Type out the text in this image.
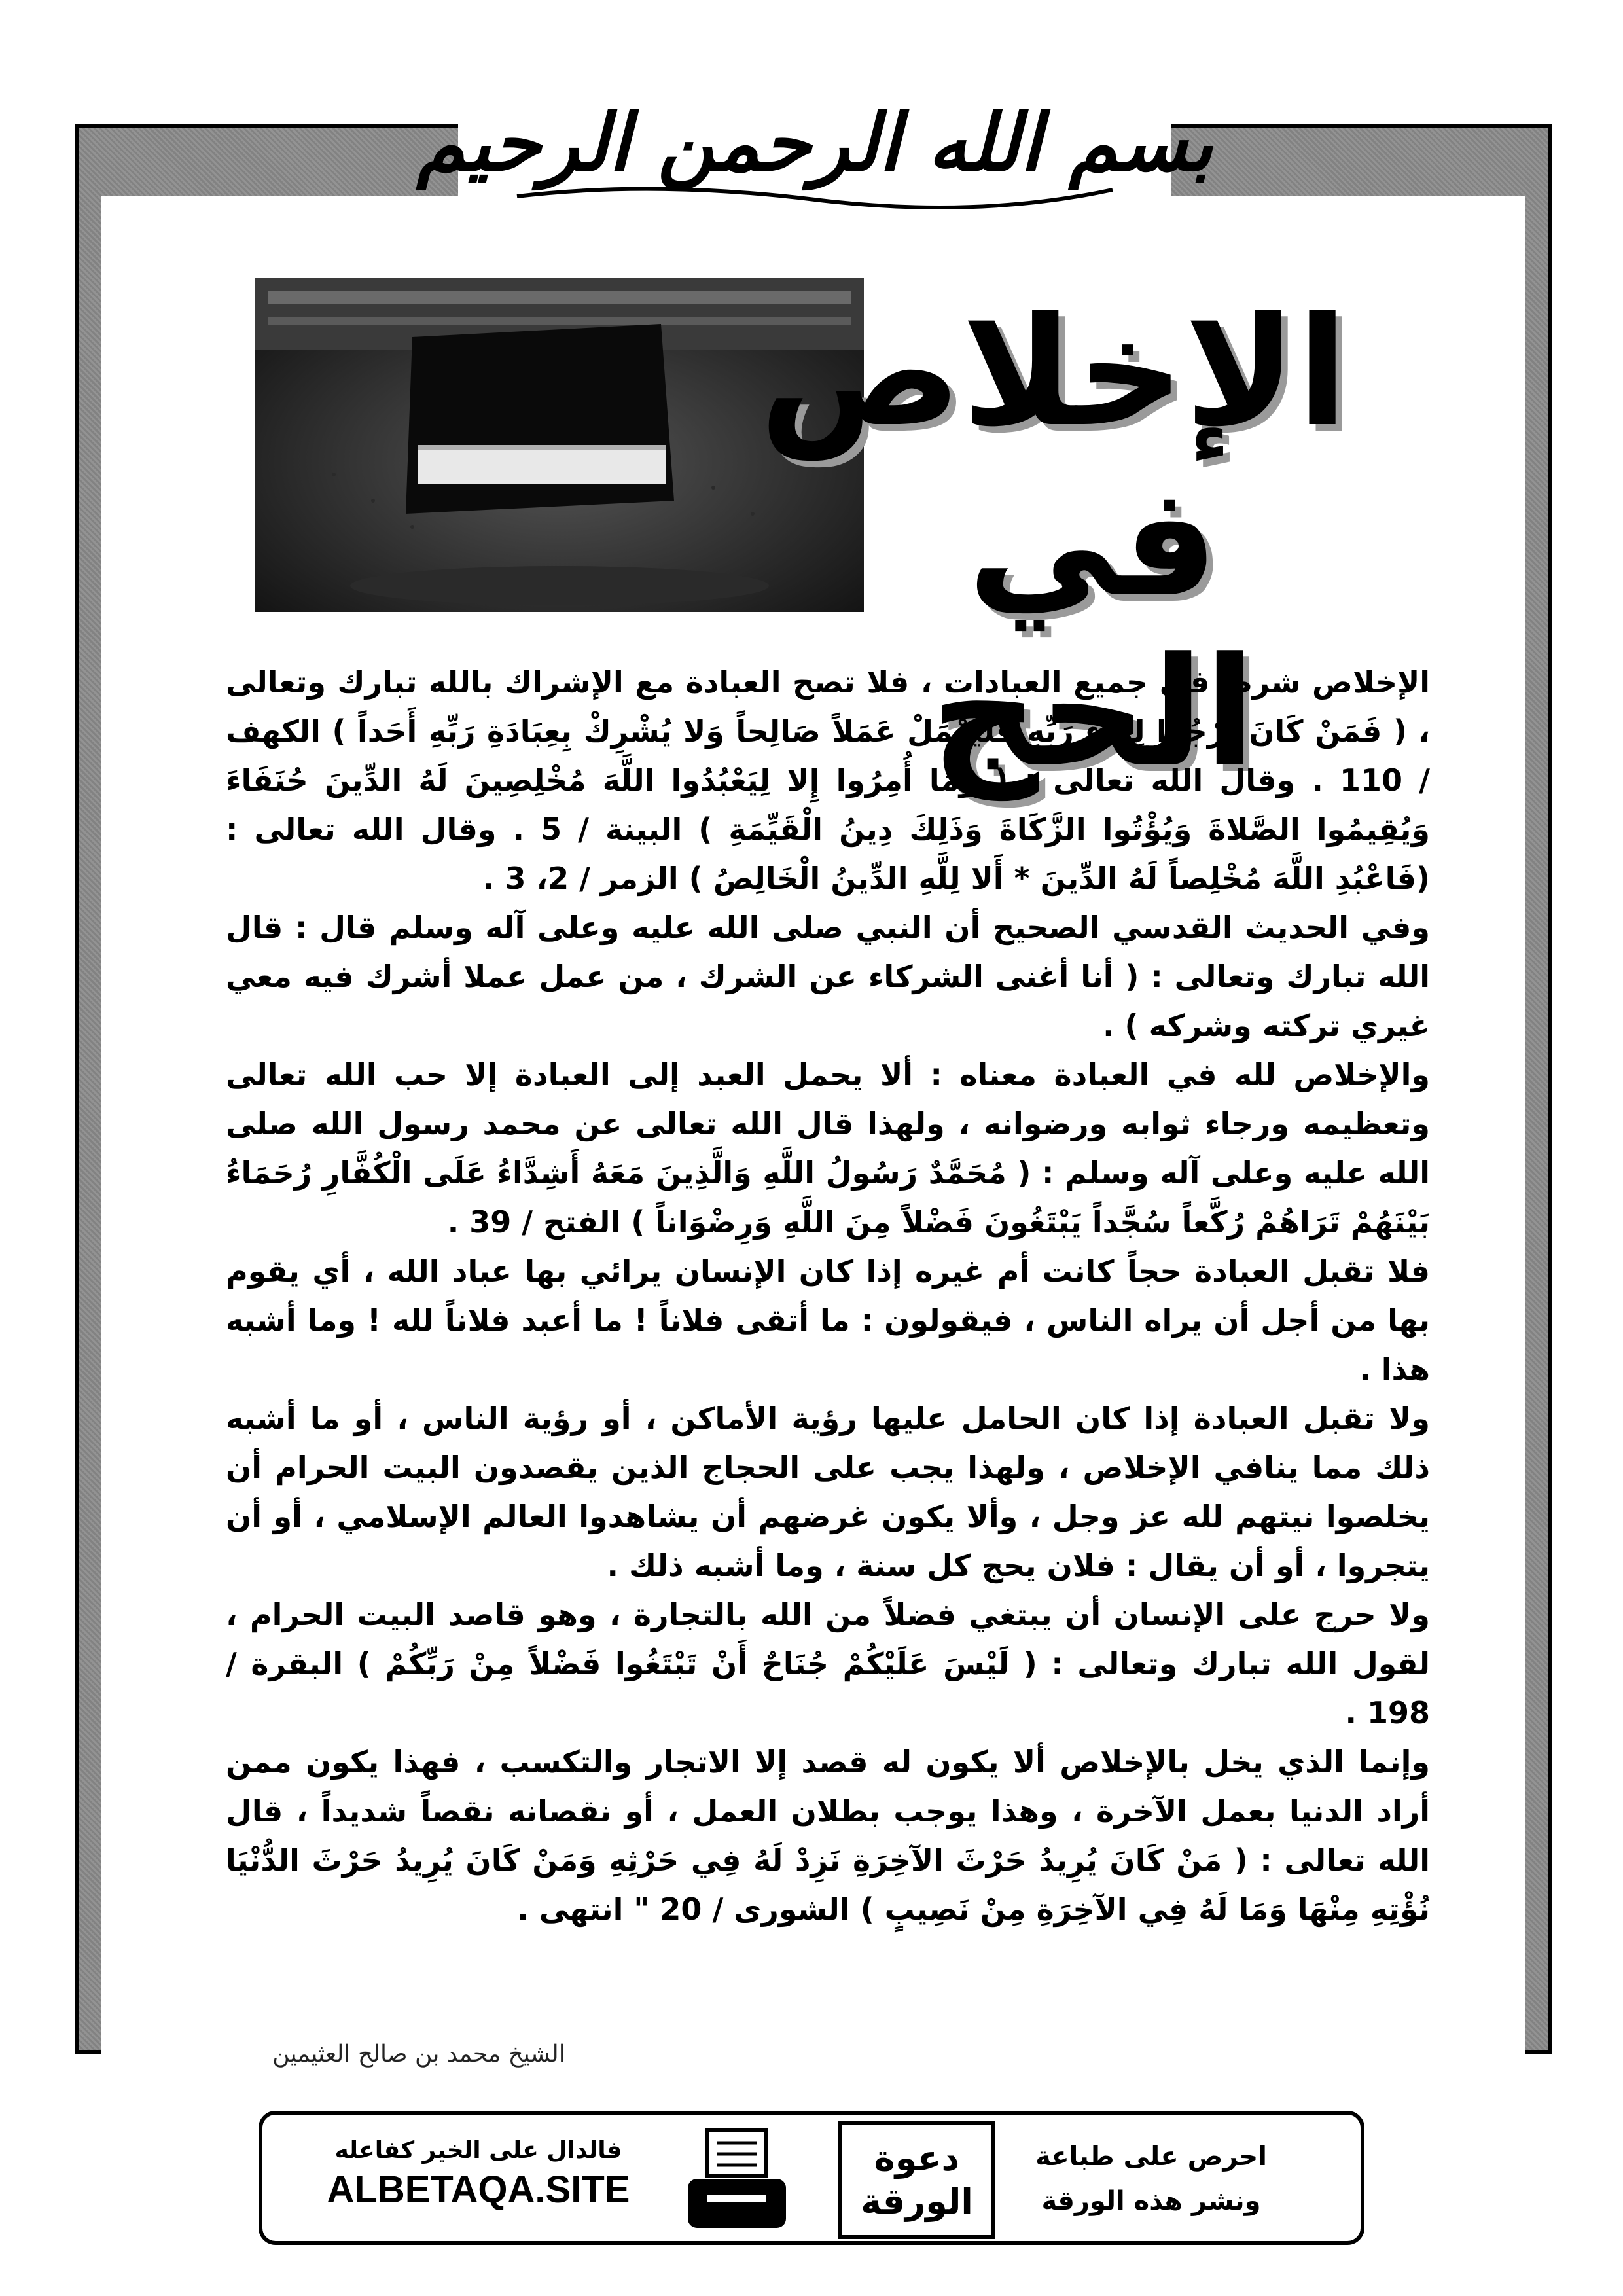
بسم الله الرحمن الرحيم
الإخلاص
في الحج

الإخلاص شرط في جميع العبادات ، فلا تصح العبادة مع الإشراك بالله تبارك وتعالى ، ( فَمَنْ كَانَ يَرْجُوا لِقَاءَ رَبِّهِ فَلْيَعْمَلْ عَمَلاً صَالِحاً وَلا يُشْرِكْ بِعِبَادَةِ رَبِّهِ أَحَداً ) الكهف / 110 . وقال الله تعالى : ( وَمَا أُمِرُوا إِلا لِيَعْبُدُوا اللَّهَ مُخْلِصِينَ لَهُ الدِّينَ حُنَفَاءَ وَيُقِيمُوا الصَّلاةَ وَيُؤْتُوا الزَّكَاةَ وَذَلِكَ دِينُ الْقَيِّمَةِ ) البينة / 5 . وقال الله تعالى : (فَاعْبُدِ اللَّهَ مُخْلِصاً لَهُ الدِّينَ * أَلا لِلَّهِ الدِّينُ الْخَالِصُ ) الزمر / 2، 3 .

وفي الحديث القدسي الصحيح أن النبي صلى الله عليه وعلى آله وسلم قال : قال الله تبارك وتعالى : ( أنا أغنى الشركاء عن الشرك ، من عمل عملا أشرك فيه معي غيري تركته وشركه ) .

والإخلاص لله في العبادة معناه : ألا يحمل العبد إلى العبادة إلا حب الله تعالى وتعظيمه ورجاء ثوابه ورضوانه ، ولهذا قال الله تعالى عن محمد رسول الله صلى الله عليه وعلى آله وسلم : ( مُحَمَّدٌ رَسُولُ اللَّهِ وَالَّذِينَ مَعَهُ أَشِدَّاءُ عَلَى الْكُفَّارِ رُحَمَاءُ بَيْنَهُمْ تَرَاهُمْ رُكَّعاً سُجَّداً يَبْتَغُونَ فَضْلاً مِنَ اللَّهِ وَرِضْوَاناً ) الفتح / 39 .

فلا تقبل العبادة حجاً كانت أم غيره إذا كان الإنسان يرائي بها عباد الله ، أي يقوم بها من أجل أن يراه الناس ، فيقولون : ما أتقى فلاناً ! ما أعبد فلاناً لله ! وما أشبه هذا .

ولا تقبل العبادة إذا كان الحامل عليها رؤية الأماكن ، أو رؤية الناس ، أو ما أشبه ذلك مما ينافي الإخلاص ، ولهذا يجب على الحجاج الذين يقصدون البيت الحرام أن يخلصوا نيتهم لله عز وجل ، وألا يكون غرضهم أن يشاهدوا العالم الإسلامي ، أو أن يتجروا ، أو أن يقال : فلان يحج كل سنة ، وما أشبه ذلك .

ولا حرج على الإنسان أن يبتغي فضلاً من الله بالتجارة ، وهو قاصد البيت الحرام ، لقول الله تبارك وتعالى : ( لَيْسَ عَلَيْكُمْ جُنَاحٌ أَنْ تَبْتَغُوا فَضْلاً مِنْ رَبِّكُمْ ) البقرة / 198 .

وإنما الذي يخل بالإخلاص ألا يكون له قصد إلا الاتجار والتكسب ، فهذا يكون ممن أراد الدنيا بعمل الآخرة ، وهذا يوجب بطلان العمل ، أو نقصانه نقصاً شديداً ، قال الله تعالى : ( مَنْ كَانَ يُرِيدُ حَرْثَ الآخِرَةِ نَزِدْ لَهُ فِي حَرْثِهِ وَمَنْ كَانَ يُرِيدُ حَرْثَ الدُّنْيَا نُؤْتِهِ مِنْهَا وَمَا لَهُ فِي الآخِرَةِ مِنْ نَصِيبٍ ) الشورى / 20 " انتهى .

الشيخ محمد بن صالح العثيمين
فالدال على الخير كفاعله
ALBETAQA.SITE
دعوة
الورقة
احرص على طباعة
ونشر هذه الورقة
